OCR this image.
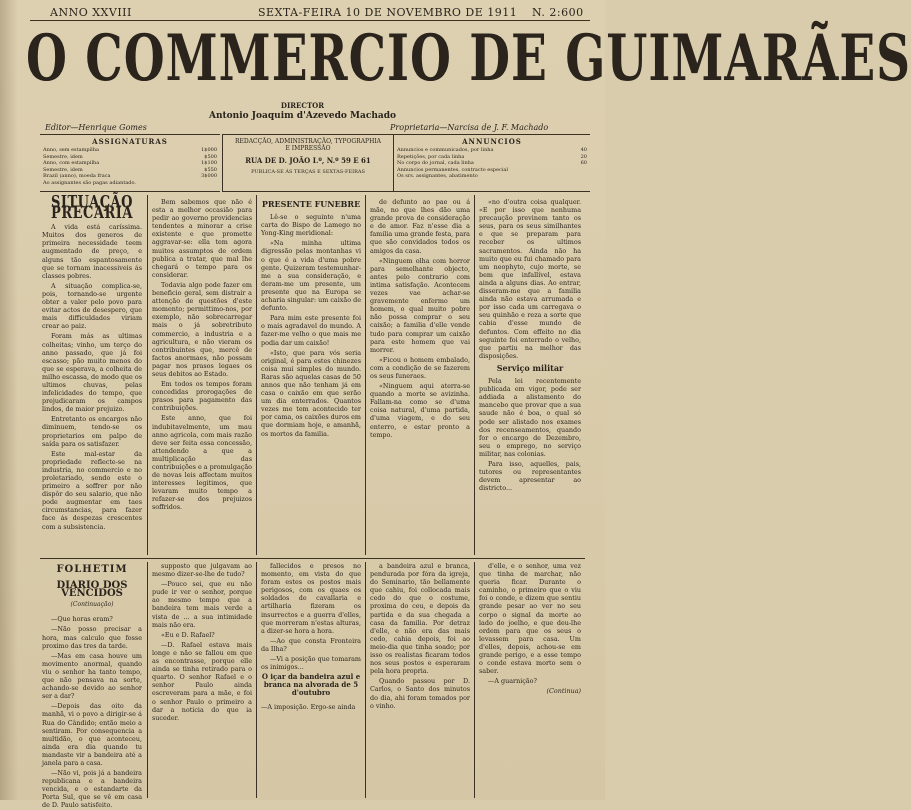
ANNO XXVIII	SEXTA-FEIRA 10 DE NOVEMBRO DE 1911 N. 2:600
O COMMERCIO DE GUIMARÃES
DIRECTOR
Antonio Joaquim d'Azevedo Machado
Editor—Henrique Gomes	Proprietaria—Narcisa de J. F. Machado
ASSIGNATURAS
Anno, sem estampilha	1$000
Semestre, idem	$500
Anno, com estampilha	1$100
Semestre, idem	$550
Brazil (anno), moeda fraca	3$000
Ao assignantes são pagas adiantado.
REDACÇÃO, ADMINISTRAÇÃO, TYPOGRAPHIA
E IMPRESSÃO
RUA DE D. JOÃO I.º, N.º 59 E 61
PUBLICA-SE ÁS TERÇAS E SEXTAS-FEIRAS
ANNUNCIOS
Annuncios e communicados, por linha	40
Repetições, por cada linha	20
No corpo do jornal, cada linha	60
Annuncios permanentes, contracto especial
Os srs. assignantes, abatimento
SITUAÇÃO PRECARIA

A vida está caríssima. Muitos dos generos de primeira necessidade teem augmentado de preço, e alguns tão espantosamente que se tornam inacessiveis ás classes pobres.

A situação complica-se, pois, tornando-se urgente obter a valer pelo povo para evitar actos de desespero, que mais difficuldades viriam crear ao paiz.

Foram más as ultimas colheitas; vinho, um terço do anno passado, que já foi escasso; pão muito menos do que se esperava, a colheita de milho escassa, de modo que os ultimos chuvas, pelas infelicidades do tempo, que prejudicaram os campos lindos, de maior prejuizo.

Entretanto os encargos não diminuem, tendo-se os proprietarios em palpo de saída para os satisfazer.

Este mal-estar da propriedade reflecte-se na industria, no commercio e no proletariado, sendo este o primeiro a soffrer por não dispôr do seu salario, que não pode augmentar em taes circumstancias, para fazer face ás despezas crescentes com a subsistencia.

Bem sabemos que não é esta a melhor occasião para pedir ao governo providencias tendentes a minorar a crise existente e que promette aggravar-se: ella tem agora muitos assumptos de ordem publica a tratar, que mal lhe chegará o tempo para os considerar.

Todavia algo pode fazer em beneficio geral, sem distrair a attenção de questões d'este momento; permittimo-nos, por exemplo, não sobrecarregar mais o já sobretributo commercio, a industria e a agricultura, e não vieram os contribuintes que, mercê de factos anormaes, não possam pagar nos prasos legaes os seus debitos ao Estado.

Em todos os tempos foram concedidas prorogações de prasos para pagamento das contribuições.

Este anno, que foi indubitavelmente, um mau anno agricola, com mais razão deve ser feita essa concessão, attendendo a que a multiplicação das contribuições e a promulgação de novas leis affectam muitos interesses legitimos, que levaram muito tempo a refazer-se dos prejuizos soffridos.

PRESENTE FUNEBRE

Lê-se o seguinte n'uma carta do Bispo de Lamego no Yong-King meridional:

«Na minha ultima digressão pelas montanhas vi o que é a vida d'uma pobre gente. Quizeram testemunhar-me a sua consideração, e deram-me um presente, um presente que na Europa se acharia singular: um caixão de defunto.

Para mim este presente foi o mais agradavel do mundo. A fazer-me velho o que mais me podia dar um caixão!

«Isto, que para vós seria original, é para estes chinezes coisa mui simples do mundo. Raras são aquelas casas de 50 annos que não tenham já em casa o caixão em que serão um dia enterrados. Quantos vezes me tem acontecido ter por cama, os caixões duros em que dormiam hoje, e amanhã, os mortos da familia.

de defunto ao pae ou á mãe, no que lhes dão uma grande prova de consideração e de amor. Faz n'esse dia a familia uma grande festa, para que são convidados todos os amigos da casa.

«Ninguem olha com horror para semelhante objecto, antes pelo contrario com intima satisfação. Acontecem vezes vae achar-se gravemente enfermo um homem, o qual muito pobre não possa comprar o seu caixão; a familia d'elle vende tudo para comprar um caixão para este homem que vai morrer.

«Ficou o homem embalado, com a condição de se fazerem os seus funeraes.

«Ninguem aqui aterra-se quando a morte se avizinha. Fallam-na como se d'uma coisa natural, d'uma partida, d'uma viagem, e do seu enterro, e estar pronto a tempo.

«no d'outra coisa qualquer. «E por isso que nenhuma precaução previnem tanto os seus, para os seus similhantes e que se preparam para receber os ultimos sacramentos. Ainda não ha muito que eu fui chamado para um neophyto, cujo morte, se bem que infallível, estava ainda a alguns dias. Ao entrar, disseram-me que a familia ainda não estava arrumada e por isso cada um carregava o seu quinhão e reza a sorte que cabia d'esse mundo de defuntos. Com effeito no dia seguinte foi enterrado o velho, que partiu na melhor das disposições.

Serviço militar

Pela lei recentemente publicada em vigor, pode ser addiada a alistamento do mancebo que provar que a sua saude não é boa, o qual só pode ser alistado nos exames dos recenseamentos, quando for o encargo de Dezembro, seu o emprego, no serviço militar, nas colonias.

Para isso, aquelles, pais, tutores ou representantes devem apresentar ao districto...

FOLHETIM
DIARIO DOS VENCIDOS
(Continuação)

—Que horas eram?

—Não posso precisar a hora, mas calculo que fosse proximo das tres da tarde.

—Mas em casa houve um movimento anormal, quando viu o senhor ha tanto tempo, que não pensava na sorte, achando-se devido ao senhor ser a dar?

—Depois das oito da manhã, vi o povo a dirigir-se á Rua do Cândido; então meio a sentiram. Por consequencia a multidão, o que aconteceu, ainda era dia quando tu mandaste vir a bandeira até a janela para a casa.

—Não vi, pois já a bandeira republicana e a bandeira vencida, e o estandarte da Porta Sul, que se vê em casa de D. Paulo satisfeito.

supposto que julgavam ao mesmo dizer-se-lhe de tudo?

—Pouco sei, que eu não pude ir ver o senhor, porque ao mesmo tempo que a bandeira tem mais verde a vista de ... a sua intimidade mais não era.

«Eu e D. Rafael?

—D. Rafael estava mais longe e não se fallou em que as encontrasse, porque elle ainda se tinha retirado para o quarto. O senhor Rafael e o senhor Paulo ainda escreveram para a mãe, e foi o senhor Paulo o primeiro a dar a noticia do que ia suceder.

fallecidos e presos no momento, em vista do que foram estes os postos mais perigosos, com os quaes os soldados de cavallaria e artilharia fizeram os insurrectos e a guerra d'elles, que morreram n'estas alturas, a dizer-se hora a hora.

—Ao que consta Fronteira da Ilha?

—Vi a posição que tomaram os inimigos...

O içar da bandeira azul e branca na alvorada de 5 d'outubro
—A imposição. Ergo-se ainda

a bandeira azul e branca, pendurada por fóra da igreja, do Seminario, tão bellamente que cahiu, foi collocada mais cedo do que o costume, proxima do ceu, e depois da partida e da sua chegada a casa da familia. Por detraz d'elle, e não era das mais cedo, cahia depois, foi ao meio-dia que tinha soado; por isso os realistas ficaram todos nos seus postos e esperaram pela hora propria.

Quando passou por D. Carlos, o Santo dos minutos do dia, ahi foram tomados por o vinho.

d'elle, e o senhor, uma vez que tinha de marchar, não queria ficar. Durante o caminho, o primeiro que o viu foi o conde, e dizem que sentiu grande pesar ao ver no seu corpo o signal da morte ao lado do joelho, e que deu-lhe ordem para que os seus o levassem para casa. Um d'elles, depois, achou-se em grande perigo, e a esse tempo o conde estava morto sem o saber.

—A guarnição?

(Continua)
